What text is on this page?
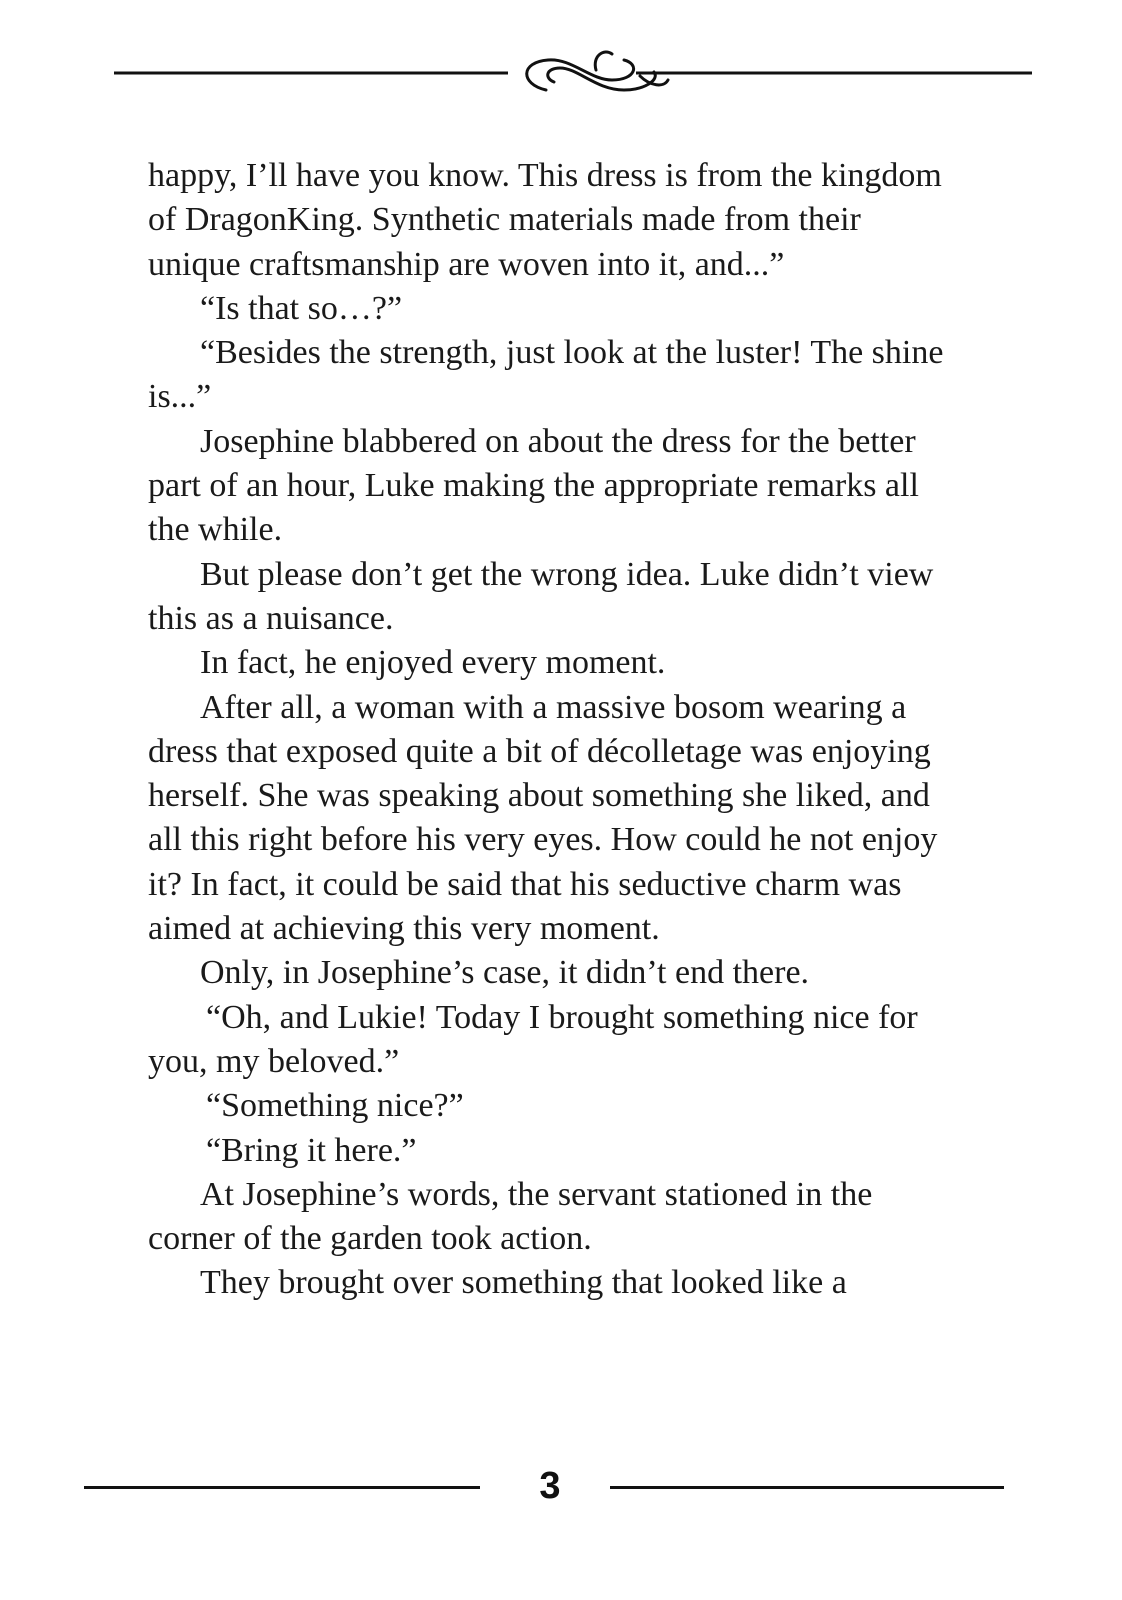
happy, I’ll have you know. This dress is from the kingdom of DragonKing. Synthetic materials made from their unique craftsmanship are woven into it, and...”

“Is that so…?”

“Besides the strength, just look at the luster! The shine is...”

Josephine blabbered on about the dress for the better part of an hour, Luke making the appropriate remarks all the while.

But please don’t get the wrong idea. Luke didn’t view this as a nuisance.

In fact, he enjoyed every moment.

After all, a woman with a massive bosom wearing a dress that exposed quite a bit of décolletage was enjoying herself. She was speaking about something she liked, and all this right before his very eyes. How could he not enjoy it? In fact, it could be said that his seductive charm was aimed at achieving this very moment.

Only, in Josephine’s case, it didn’t end there.

“Oh, and Lukie! Today I brought something nice for you, my beloved.”

“Something nice?”

“Bring it here.”

At Josephine’s words, the servant stationed in the corner of the garden took action.

They brought over something that looked like a

3
